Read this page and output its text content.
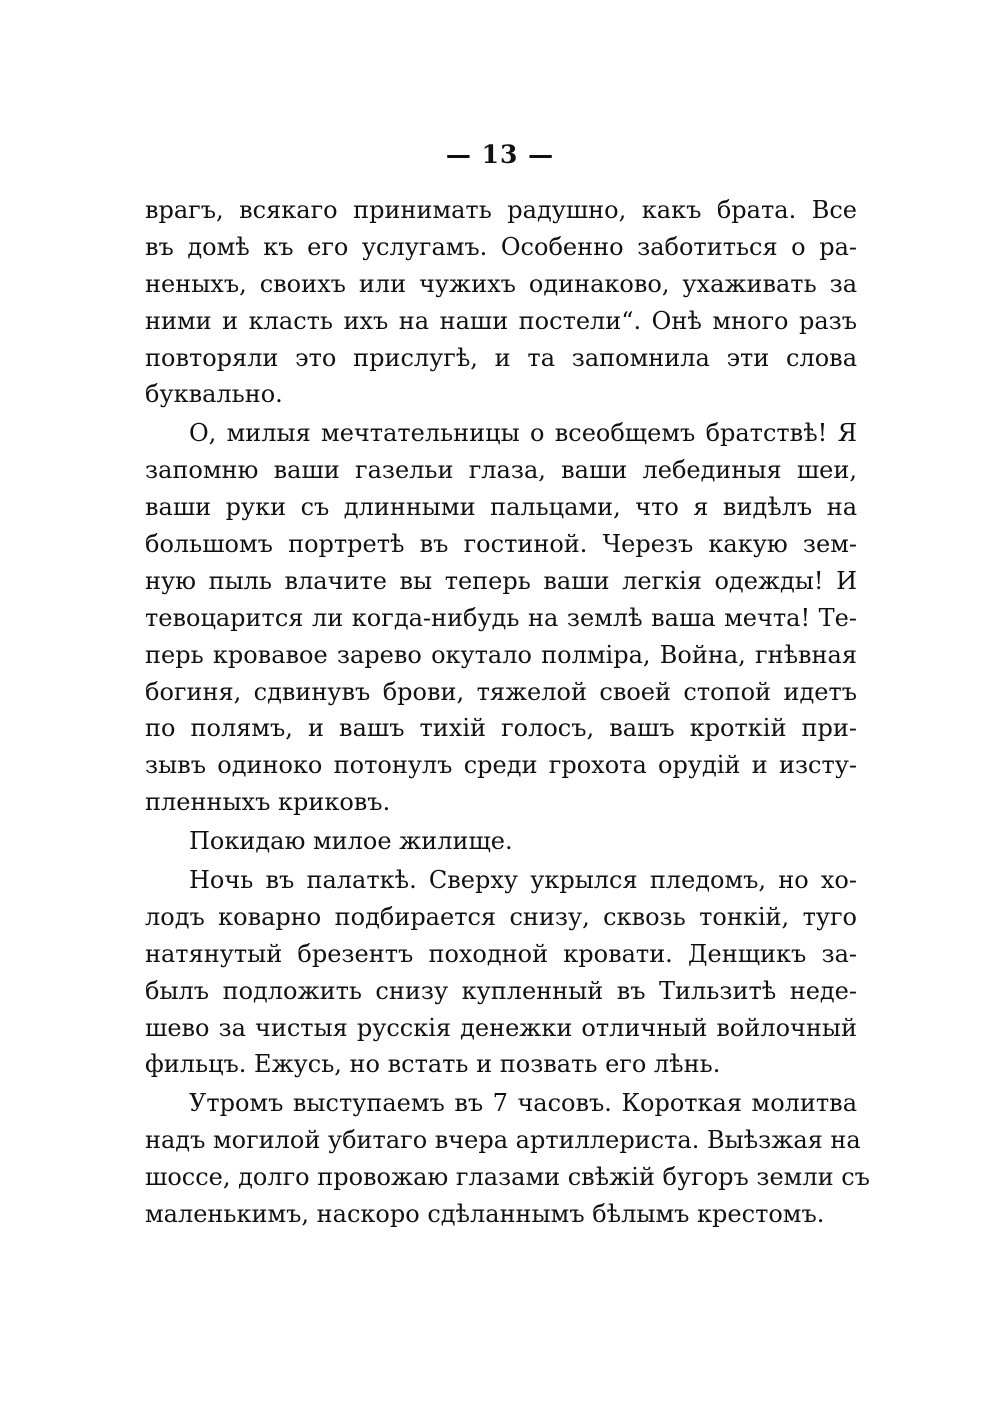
— 13 —
врагъ, всякаго принимать радушно, какъ брата. Все
въ домѣ къ его услугамъ. Особенно заботиться о ра-
неныхъ, своихъ или чужихъ одинаково, ухаживать за
ними и класть ихъ на наши постели“. Онѣ много разъ
повторяли это прислугѣ, и та запомнила эти слова
буквально.
О, милыя мечтательницы о всеобщемъ братствѣ! Я
запомню ваши газельи глаза, ваши лебединыя шеи,
ваши руки съ длинными пальцами, что я видѣлъ на
большомъ портретѣ въ гостиной. Черезъ какую зем-
ную пыль влачите вы теперь ваши легкія одежды! И
тевоцарится ли когда-нибудь на землѣ ваша мечта! Те-
перь кровавое зарево окутало полміра, Война, гнѣвная
богиня, сдвинувъ брови, тяжелой своей стопой идетъ
по полямъ, и вашъ тихій голосъ, вашъ кроткій при-
зывъ одиноко потонулъ среди грохота орудій и изсту-
пленныхъ криковъ.
Покидаю милое жилище.
Ночь въ палаткѣ. Сверху укрылся пледомъ, но хо-
лодъ коварно подбирается снизу, сквозь тонкій, туго
натянутый брезентъ походной кровати. Денщикъ за-
былъ подложить снизу купленный въ Тильзитѣ неде-
шево за чистыя русскія денежки отличный войлочный
фильцъ. Ежусь, но встать и позвать его лѣнь.
Утромъ выступаемъ въ 7 часовъ. Короткая молитва
надъ могилой убитаго вчера артиллериста. Выѣзжая на
шоссе, долго провожаю глазами свѣжій бугоръ земли съ
маленькимъ, наскоро сдѣланнымъ бѣлымъ крестомъ.
